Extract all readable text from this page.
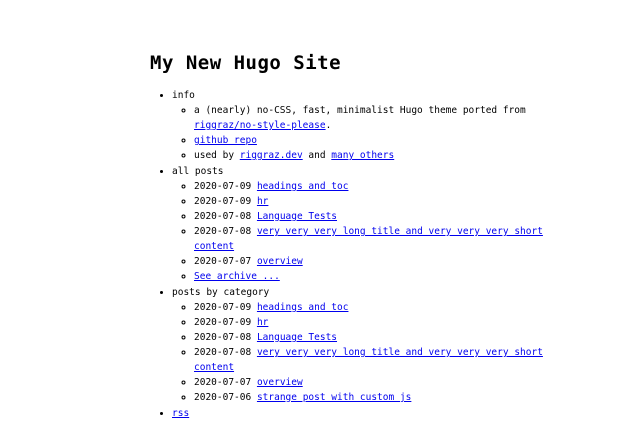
My New Hugo Site
• info
◦ a (nearly) no-CSS, fast, minimalist Hugo theme ported from riggraz/no-style-please.
◦ github repo
◦ used by riggraz.dev and many others
• all posts
◦ 2020-07-09 headings and toc
◦ 2020-07-09 hr
◦ 2020-07-08 Language Tests
◦ 2020-07-08 very very very long title and very very very short content
◦ 2020-07-07 overview
◦ See archive ...
• posts by category
◦ 2020-07-09 headings and toc
◦ 2020-07-09 hr
◦ 2020-07-08 Language Tests
◦ 2020-07-08 very very very long title and very very very short content
◦ 2020-07-07 overview
◦ 2020-07-06 strange post with custom js
• rss
